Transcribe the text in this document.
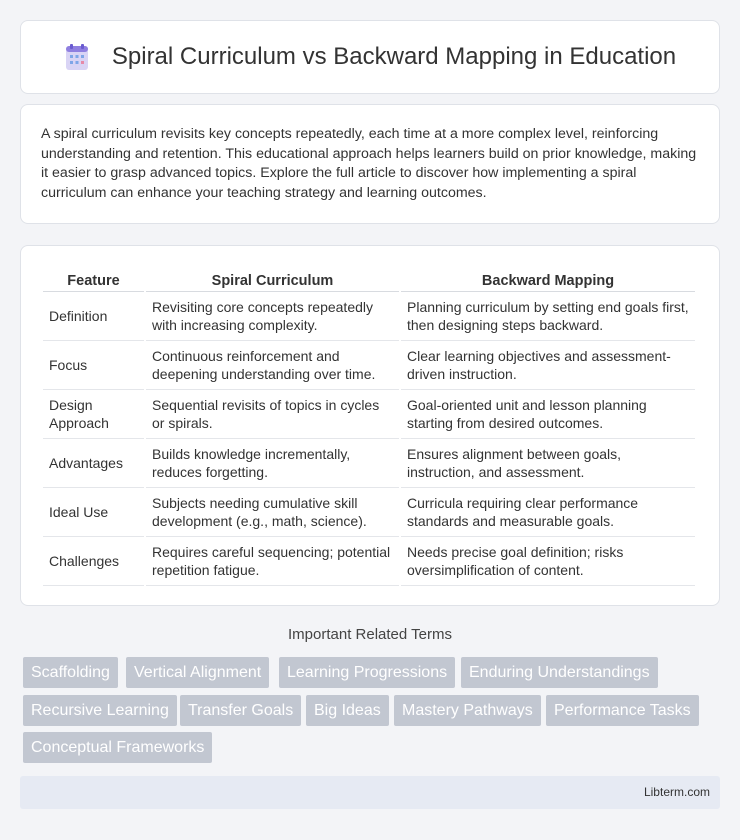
Spiral Curriculum vs Backward Mapping in Education

A spiral curriculum revisits key concepts repeatedly, each time at a more complex level, reinforcing understanding and retention. This educational approach helps learners build on prior knowledge, making it easier to grasp advanced topics. Explore the full article to discover how implementing a spiral curriculum can enhance your teaching strategy and learning outcomes.

Feature	Spiral Curriculum	Backward Mapping
Definition	Revisiting core concepts repeatedly with increasing complexity.	Planning curriculum by setting end goals first, then designing steps backward.
Focus	Continuous reinforcement and deepening understanding over time.	Clear learning objectives and assessment-driven instruction.
Design Approach	Sequential revisits of topics in cycles or spirals.	Goal-oriented unit and lesson planning starting from desired outcomes.
Advantages	Builds knowledge incrementally, reduces forgetting.	Ensures alignment between goals, instruction, and assessment.
Ideal Use	Subjects needing cumulative skill development (e.g., math, science).	Curricula requiring clear performance standards and measurable goals.
Challenges	Requires careful sequencing; potential repetition fatigue.	Needs precise goal definition; risks oversimplification of content.
Important Related Terms
Scaffolding	Vertical Alignment	Learning Progressions	Enduring Understandings
Recursive Learning	Transfer Goals	Big Ideas	Mastery Pathways	Performance Tasks
Conceptual Frameworks
Libterm.com
